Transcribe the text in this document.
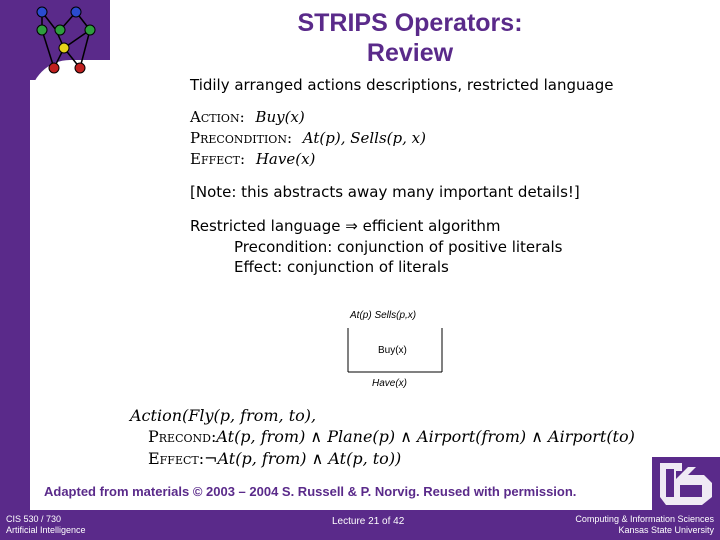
STRIPS Operators:
Review
Tidily arranged actions descriptions, restricted language
Action: Buy(x)
Precondition: At(p), Sells(p, x)
Effect: Have(x)
[Note: this abstracts away many important details!]
Restricted language ⇒ efficient algorithm
Precondition: conjunction of positive literals
Effect: conjunction of literals
At(p) Sells(p,x)
Buy(x)
Have(x)
Action(Fly(p, from, to),
Precond:At(p, from) ∧ Plane(p) ∧ Airport(from) ∧ Airport(to)
Effect:¬At(p, from) ∧ At(p, to))
Adapted from materials © 2003 – 2004 S. Russell & P. Norvig. Reused with permission.
CIS 530 / 730
Artificial Intelligence
Lecture 21 of 42	Computing & Information Sciences
Kansas State University
